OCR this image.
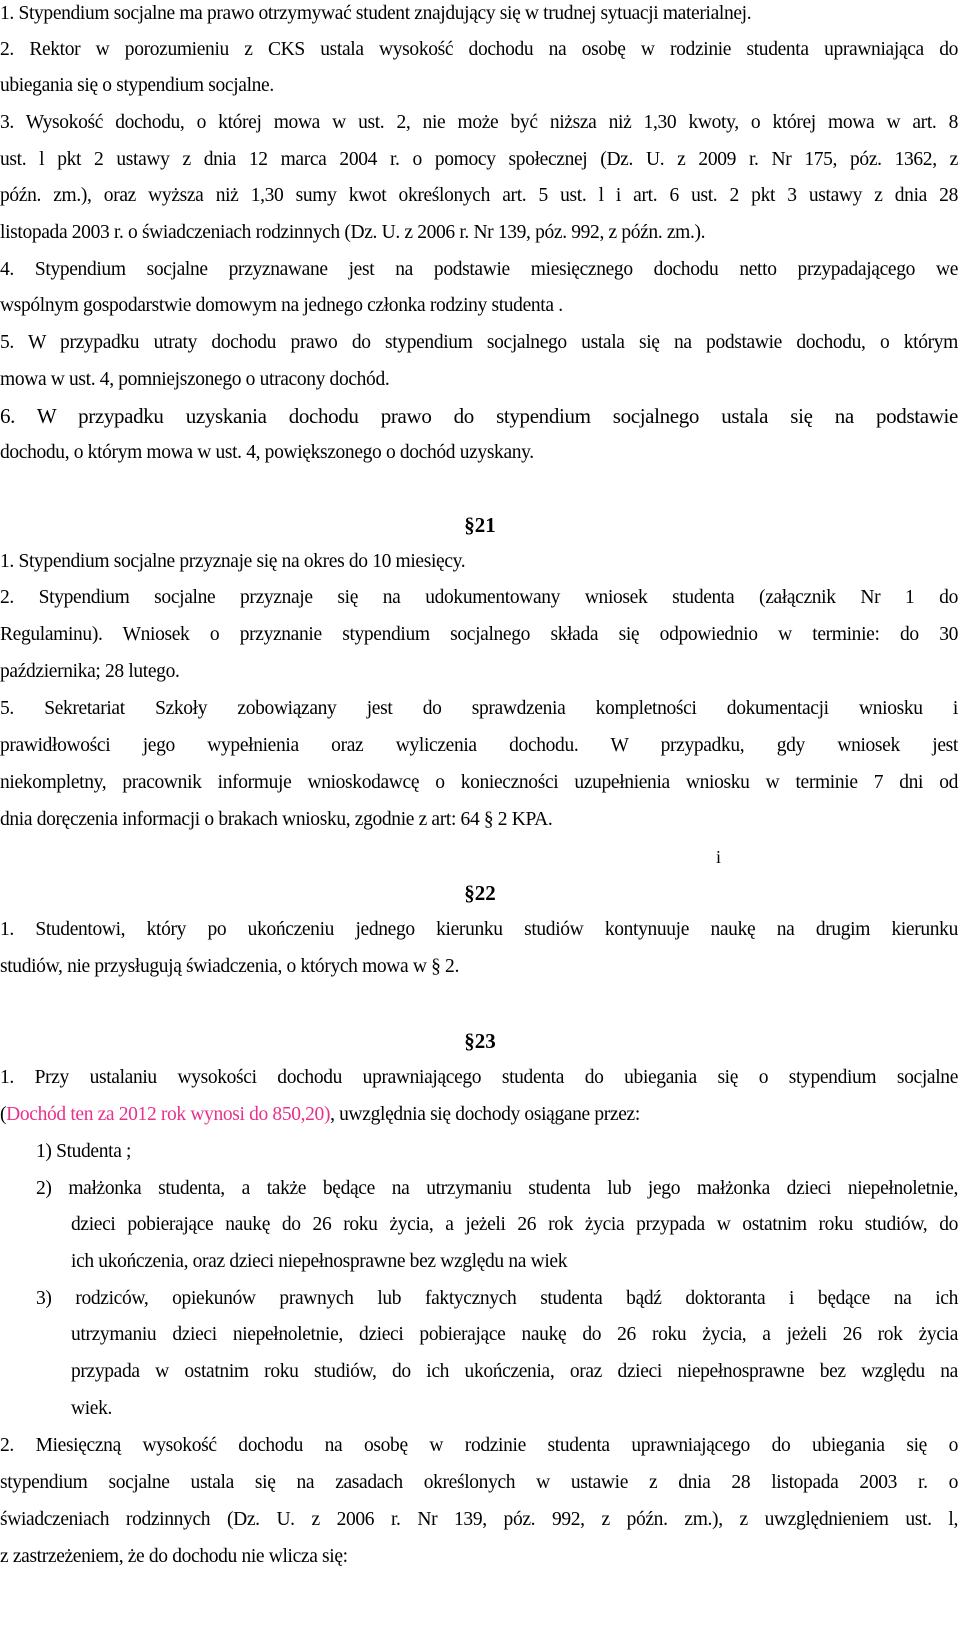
1. Stypendium socjalne ma prawo otrzymywać student znajdujący się w trudnej sytuacji materialnej.
2. Rektor w porozumieniu z CKS ustala wysokość dochodu na osobę w rodzinie studenta uprawniająca do
ubiegania się o stypendium socjalne.
3. Wysokość dochodu, o której mowa w ust. 2, nie może być niższa niż 1,30 kwoty, o której mowa w art. 8
ust. l pkt 2 ustawy z dnia 12 marca 2004 r. o pomocy społecznej (Dz. U. z 2009 r. Nr 175, póz. 1362, z
późn. zm.), oraz wyższa niż 1,30 sumy kwot określonych art. 5 ust. l i art. 6 ust. 2 pkt 3 ustawy z dnia 28
listopada 2003 r. o świadczeniach rodzinnych (Dz. U. z 2006 r. Nr 139, póz. 992, z późn. zm.).
4. Stypendium socjalne przyznawane jest na podstawie miesięcznego dochodu netto przypadającego we
wspólnym gospodarstwie domowym na jednego członka rodziny studenta .
5. W przypadku utraty dochodu prawo do stypendium socjalnego ustala się na podstawie dochodu, o którym
mowa w ust. 4, pomniejszonego o utracony dochód.
6. W przypadku uzyskania dochodu prawo do stypendium socjalnego ustala się na podstawie
dochodu, o którym mowa w ust. 4, powiększonego o dochód uzyskany.
§21
1. Stypendium socjalne przyznaje się na okres do 10 miesięcy.
2. Stypendium socjalne przyznaje się na udokumentowany wniosek studenta (załącznik Nr 1 do
Regulaminu). Wniosek o przyznanie stypendium socjalnego składa się odpowiednio w terminie: do 30
października; 28 lutego.
5. Sekretariat Szkoły zobowiązany jest do sprawdzenia kompletności dokumentacji wniosku i
prawidłowości jego wypełnienia oraz wyliczenia dochodu. W przypadku, gdy wniosek jest
niekompletny, pracownik informuje wnioskodawcę o konieczności uzupełnienia wniosku w terminie 7 dni od
dnia doręczenia informacji o brakach wniosku, zgodnie z art: 64 § 2 KPA.
i
§22
1. Studentowi, który po ukończeniu jednego kierunku studiów kontynuuje naukę na drugim kierunku
studiów, nie przysługują świadczenia, o których mowa w § 2.
§23
1. Przy ustalaniu wysokości dochodu uprawniającego studenta do ubiegania się o stypendium socjalne
(Dochód ten za 2012 rok wynosi do 850,20), uwzględnia się dochody osiągane przez:
1) Studenta ;
2) małżonka studenta, a także będące na utrzymaniu studenta lub jego małżonka dzieci niepełnoletnie,
dzieci pobierające naukę do 26 roku życia, a jeżeli 26 rok życia przypada w ostatnim roku studiów, do
ich ukończenia, oraz dzieci niepełnosprawne bez względu na wiek
3) rodziców, opiekunów prawnych lub faktycznych studenta bądź doktoranta i będące na ich
utrzymaniu dzieci niepełnoletnie, dzieci pobierające naukę do 26 roku życia, a jeżeli 26 rok życia
przypada w ostatnim roku studiów, do ich ukończenia, oraz dzieci niepełnosprawne bez względu na
wiek.
2. Miesięczną wysokość dochodu na osobę w rodzinie studenta uprawniającego do ubiegania się o
stypendium socjalne ustala się na zasadach określonych w ustawie z dnia 28 listopada 2003 r. o
świadczeniach rodzinnych (Dz. U. z 2006 r. Nr 139, póz. 992, z późn. zm.), z uwzględnieniem ust. l,
z zastrzeżeniem, że do dochodu nie wlicza się:
